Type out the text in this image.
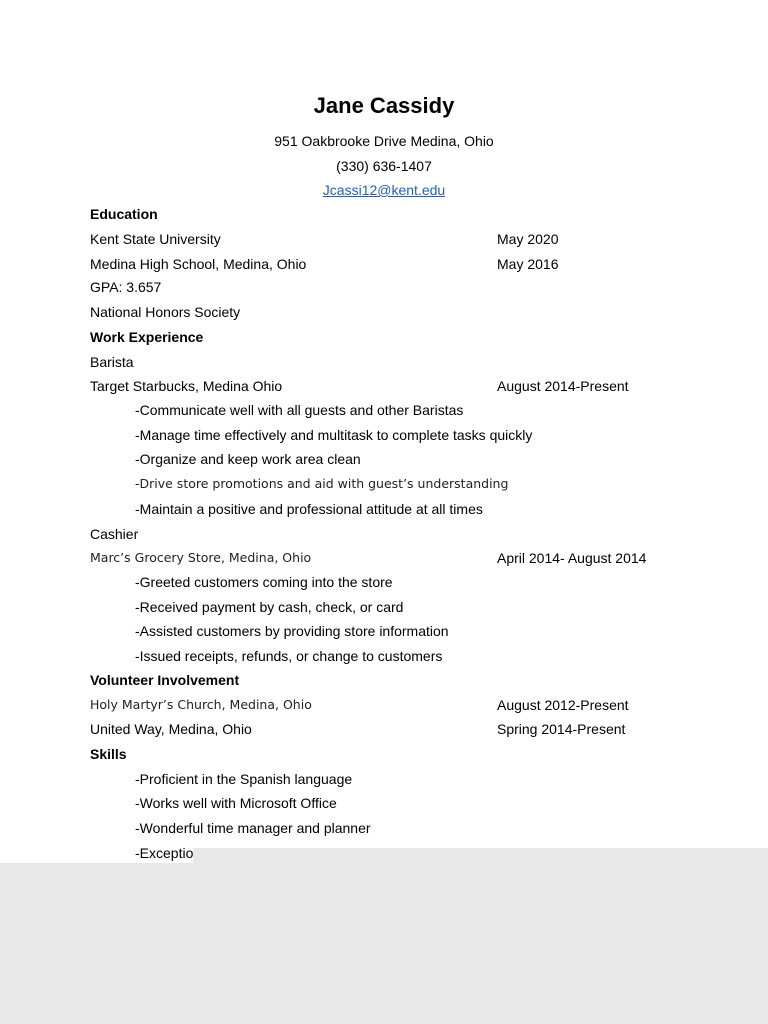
Jane Cassidy
951 Oakbrooke Drive Medina, Ohio
(330) 636-1407
Jcassi12@kent.edu
Education
Kent State University	May 2020
Medina High School, Medina, Ohio	May 2016
GPA: 3.657
National Honors Society
Work Experience
Barista
Target Starbucks, Medina Ohio	August 2014-Present
-Communicate well with all guests and other Baristas
-Manage time effectively and multitask to complete tasks quickly
-Organize and keep work area clean
-Drive store promotions and aid with guest’s understanding
-Maintain a positive and professional attitude at all times
Cashier
Marc’s Grocery Store, Medina, Ohio	April 2014- August 2014
-Greeted customers coming into the store
-Received payment by cash, check, or card
-Assisted customers by providing store information
-Issued receipts, refunds, or change to customers
Volunteer Involvement
Holy Martyr’s Church, Medina, Ohio	August 2012-Present
United Way, Medina, Ohio	Spring 2014-Present
Skills
-Proficient in the Spanish language
-Works well with Microsoft Office
-Wonderful time manager and planner
-Exceptio
